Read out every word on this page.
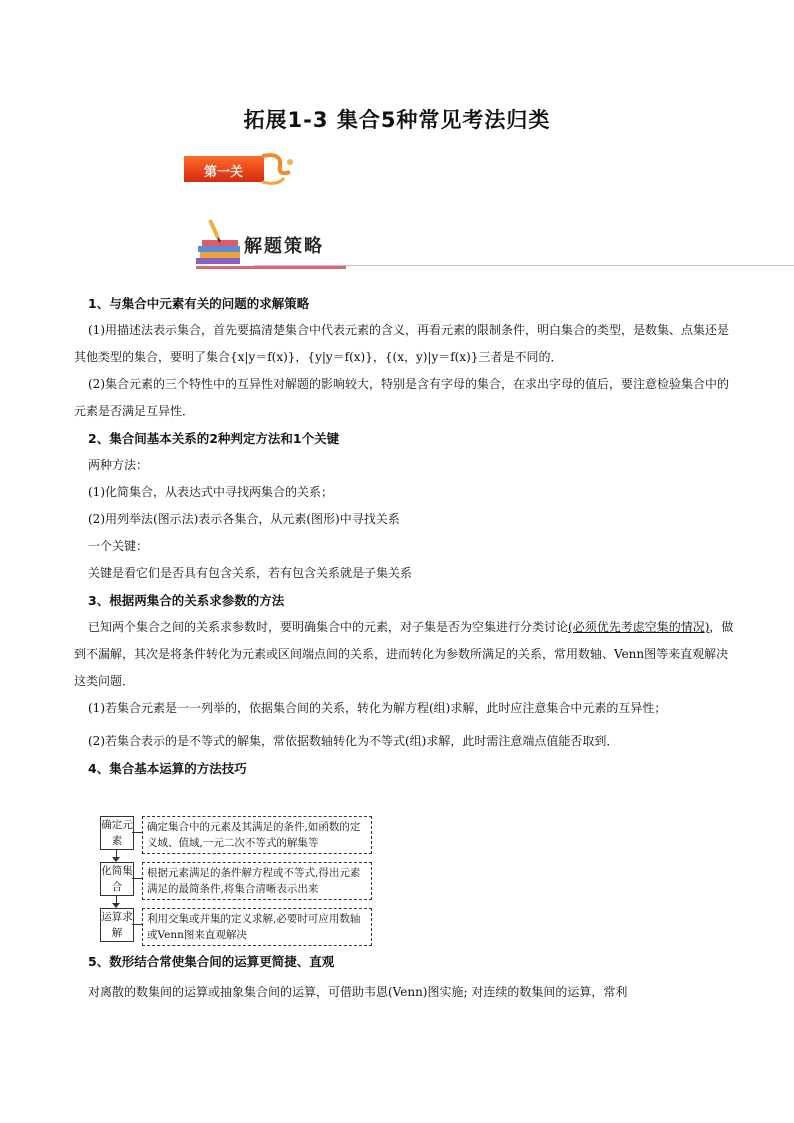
拓展1-3 集合5种常见考法归类
第一关
解题策略
1、与集合中元素有关的问题的求解策略

(1)用描述法表示集合，首先要搞清楚集合中代表元素的含义，再看元素的限制条件，明白集合的类型，是数集、点集还是其他类型的集合，要明了集合{x|y＝f(x)}，{y|y＝f(x)}，{(x，y)|y＝f(x)}三者是不同的．

(2)集合元素的三个特性中的互异性对解题的影响较大，特别是含有字母的集合，在求出字母的值后，要注意检验集合中的元素是否满足互异性．

2、集合间基本关系的2种判定方法和1个关键

两种方法：

(1)化简集合，从表达式中寻找两集合的关系；

(2)用列举法(图示法)表示各集合，从元素(图形)中寻找关系

一个关键：

关键是看它们是否具有包含关系，若有包含关系就是子集关系

3、根据两集合的关系求参数的方法

已知两个集合之间的关系求参数时，要明确集合中的元素，对子集是否为空集进行分类讨论(必须优先考虑空集的情况)，做到不漏解，其次是将条件转化为元素或区间端点间的关系，进而转化为参数所满足的关系，常用数轴、Venn图等来直观解决这类问题．

(1)若集合元素是一一列举的，依据集合间的关系，转化为解方程(组)求解，此时应注意集合中元素的互异性；

(2)若集合表示的是不等式的解集，常依据数轴转化为不等式(组)求解，此时需注意端点值能否取到．

4、集合基本运算的方法技巧
确定元素
确定集合中的元素及其满足的条件,如函数的定义域、值域,一元二次不等式的解集等
化简集合
根据元素满足的条件解方程或不等式,得出元素满足的最简条件,将集合清晰表示出来
运算求解
利用交集或并集的定义求解,必要时可应用数轴或Venn图来直观解决
5、数形结合常使集合间的运算更简捷、直观

对离散的数集间的运算或抽象集合间的运算，可借助韦恩(Venn)图实施; 对连续的数集间的运算，常利
